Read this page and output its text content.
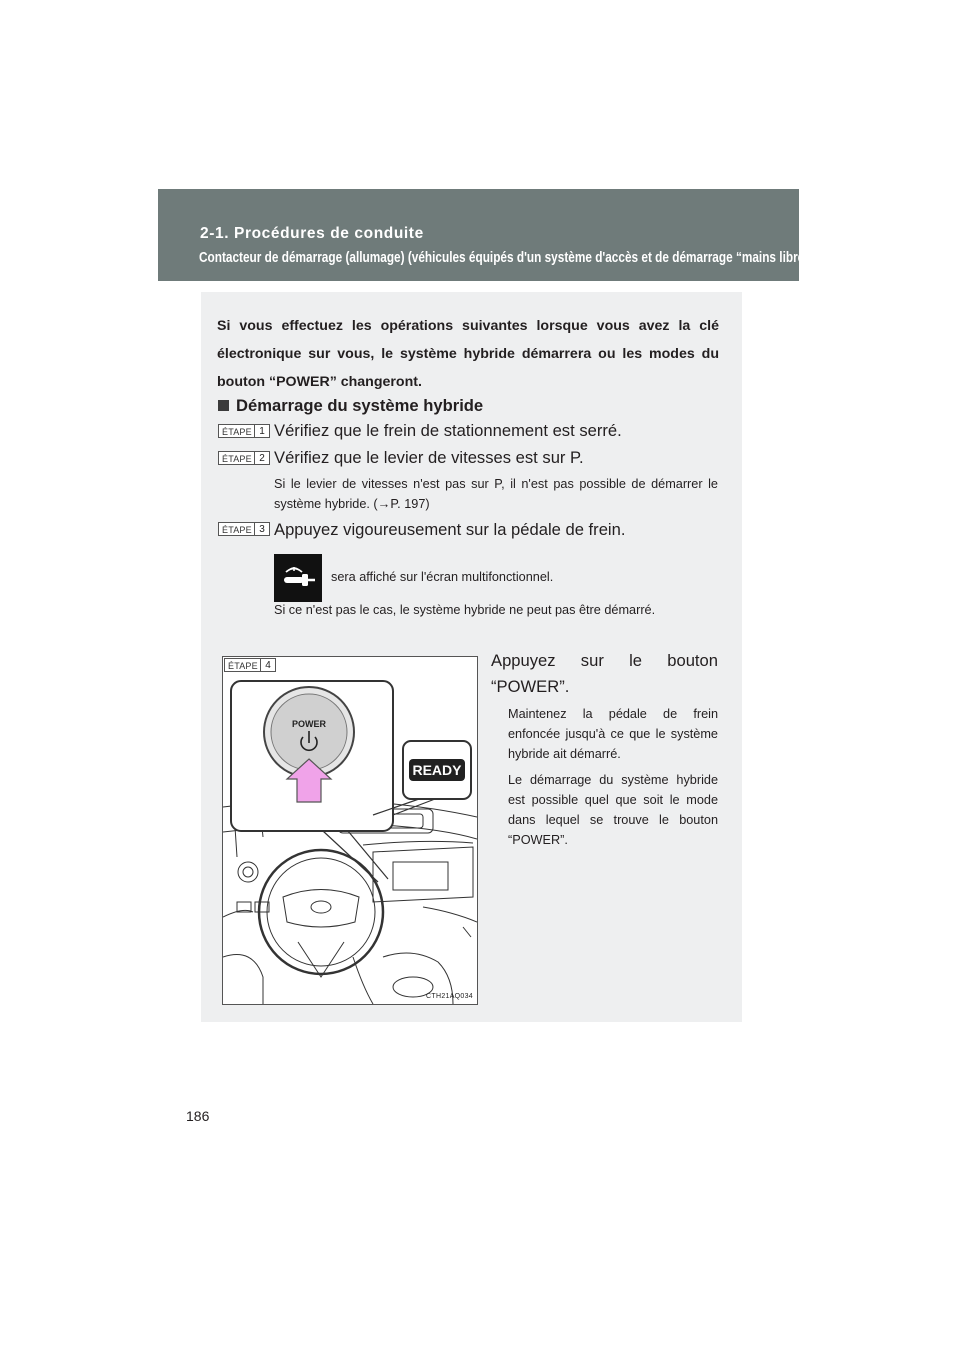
2-1. Procédures de conduite
Contacteur de démarrage (allumage) (véhicules équipés d'un système d'accès et de démarrage “mains libres”)

Si vous effectuez les opérations suivantes lorsque vous avez la clé électronique sur vous, le système hybride démarrera ou les modes du bouton “POWER” changeront.

Démarrage du système hybride
ÉTAPE 1 Vérifiez que le frein de stationnement est serré.
ÉTAPE 2 Vérifiez que le levier de vitesses est sur P.

Si le levier de vitesses n'est pas sur P, il n'est pas possible de démarrer le système hybride. (→P. 197)

ÉTAPE 3 Appuyez vigoureusement sur la pédale de frein.
sera affiché sur l'écran multifonctionnel.

Si ce n'est pas le cas, le système hybride ne peut pas être démarré.

ÉTAPE 4
POWER
READY
CTH21AQ034

Appuyez sur le bouton “POWER”.

Maintenez la pédale de frein enfoncée jusqu'à ce que le système hybride ait démarré.

Le démarrage du système hybride est possible quel que soit le mode dans lequel se trouve le bouton “POWER”.

186
